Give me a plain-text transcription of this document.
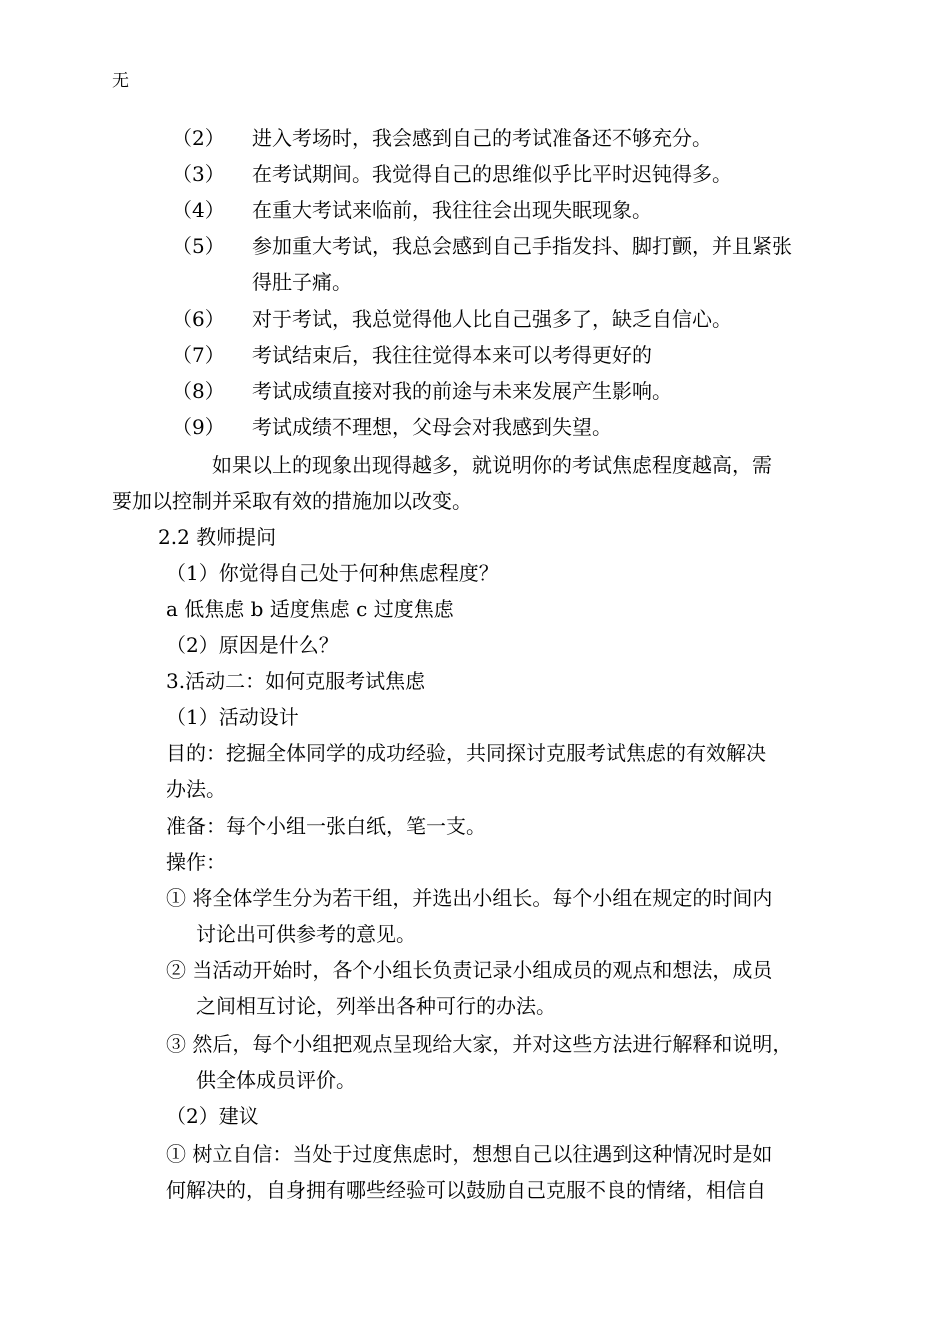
无
（2） 进入考场时，我会感到自己的考试准备还不够充分。
（3） 在考试期间。我觉得自己的思维似乎比平时迟钝得多。
（4） 在重大考试来临前，我往往会出现失眠现象。
（5） 参加重大考试，我总会感到自己手指发抖、脚打颤，并且紧张
得肚子痛。
（6） 对于考试，我总觉得他人比自己强多了，缺乏自信心。
（7） 考试结束后，我往往觉得本来可以考得更好的
（8） 考试成绩直接对我的前途与未来发展产生影响。
（9） 考试成绩不理想，父母会对我感到失望。
如果以上的现象出现得越多，就说明你的考试焦虑程度越高，需
要加以控制并采取有效的措施加以改变。
2.2 教师提问
（1）你觉得自己处于何种焦虑程度？
a 低焦虑 b 适度焦虑 c 过度焦虑
（2）原因是什么？
3.活动二：如何克服考试焦虑
（1）活动设计
目的：挖掘全体同学的成功经验，共同探讨克服考试焦虑的有效解决
办法。
准备：每个小组一张白纸，笔一支。
操作：
① 将全体学生分为若干组，并选出小组长。每个小组在规定的时间内
讨论出可供参考的意见。
② 当活动开始时，各个小组长负责记录小组成员的观点和想法，成员
之间相互讨论，列举出各种可行的办法。
③ 然后，每个小组把观点呈现给大家，并对这些方法进行解释和说明，
供全体成员评价。
（2）建议
① 树立自信：当处于过度焦虑时，想想自己以往遇到这种情况时是如
何解决的，自身拥有哪些经验可以鼓励自己克服不良的情绪，相信自
